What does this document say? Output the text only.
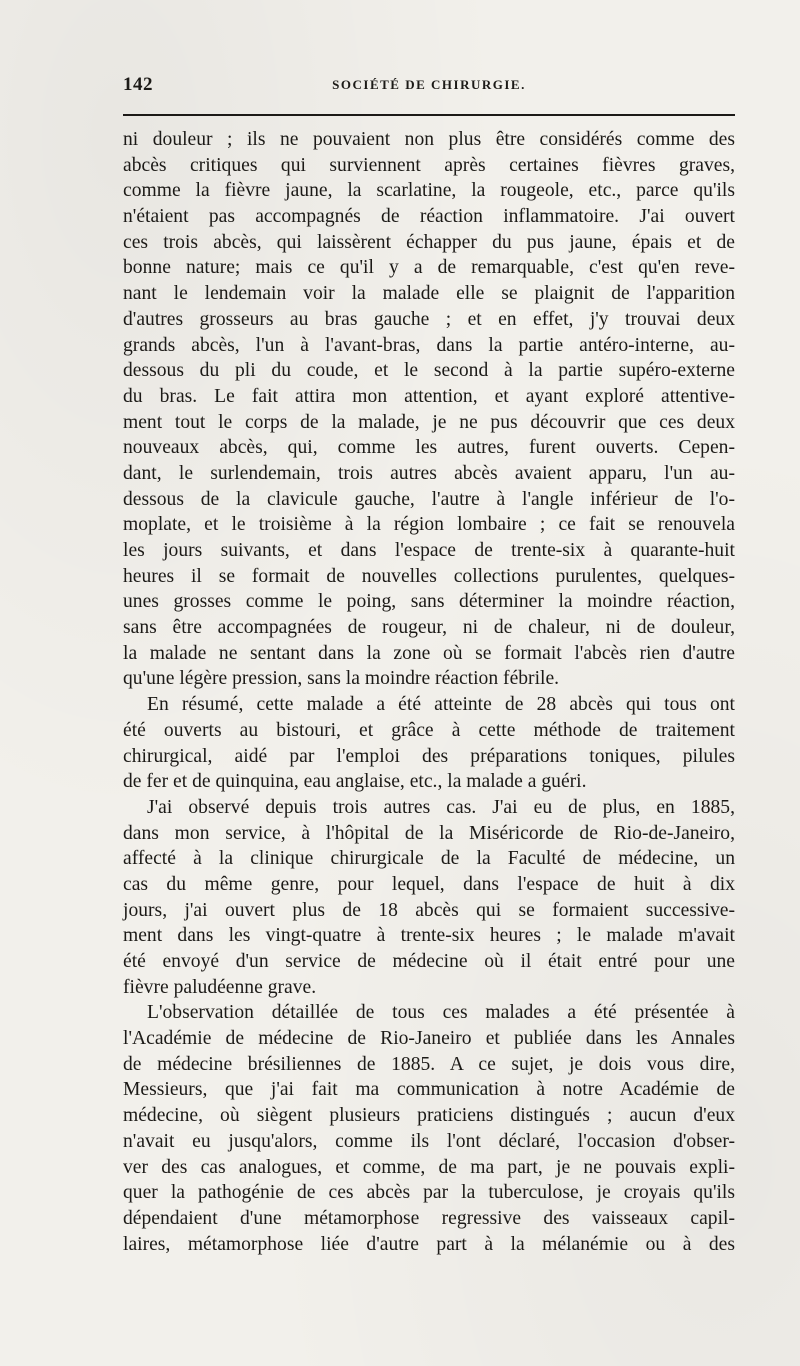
142	SOCIÉTÉ DE CHIRURGIE.
ni douleur ; ils ne pouvaient non plus être considérés comme des
abcès critiques qui surviennent après certaines fièvres graves,
comme la fièvre jaune, la scarlatine, la rougeole, etc., parce qu'ils
n'étaient pas accompagnés de réaction inflammatoire. J'ai ouvert
ces trois abcès, qui laissèrent échapper du pus jaune, épais et de
bonne nature; mais ce qu'il y a de remarquable, c'est qu'en reve-
nant le lendemain voir la malade elle se plaignit de l'apparition
d'autres grosseurs au bras gauche ; et en effet, j'y trouvai deux
grands abcès, l'un à l'avant-bras, dans la partie antéro-interne, au-
dessous du pli du coude, et le second à la partie supéro-externe
du bras. Le fait attira mon attention, et ayant exploré attentive-
ment tout le corps de la malade, je ne pus découvrir que ces deux
nouveaux abcès, qui, comme les autres, furent ouverts. Cepen-
dant, le surlendemain, trois autres abcès avaient apparu, l'un au-
dessous de la clavicule gauche, l'autre à l'angle inférieur de l'o-
moplate, et le troisième à la région lombaire ; ce fait se renouvela
les jours suivants, et dans l'espace de trente-six à quarante-huit
heures il se formait de nouvelles collections purulentes, quelques-
unes grosses comme le poing, sans déterminer la moindre réaction,
sans être accompagnées de rougeur, ni de chaleur, ni de douleur,
la malade ne sentant dans la zone où se formait l'abcès rien d'autre
qu'une légère pression, sans la moindre réaction fébrile.
En résumé, cette malade a été atteinte de 28 abcès qui tous ont
été ouverts au bistouri, et grâce à cette méthode de traitement
chirurgical, aidé par l'emploi des préparations toniques, pilules
de fer et de quinquina, eau anglaise, etc., la malade a guéri.
J'ai observé depuis trois autres cas. J'ai eu de plus, en 1885,
dans mon service, à l'hôpital de la Miséricorde de Rio-de-Janeiro,
affecté à la clinique chirurgicale de la Faculté de médecine, un
cas du même genre, pour lequel, dans l'espace de huit à dix
jours, j'ai ouvert plus de 18 abcès qui se formaient successive-
ment dans les vingt-quatre à trente-six heures ; le malade m'avait
été envoyé d'un service de médecine où il était entré pour une
fièvre paludéenne grave.
L'observation détaillée de tous ces malades a été présentée à
l'Académie de médecine de Rio-Janeiro et publiée dans les Annales
de médecine brésiliennes de 1885. A ce sujet, je dois vous dire,
Messieurs, que j'ai fait ma communication à notre Académie de
médecine, où siègent plusieurs praticiens distingués ; aucun d'eux
n'avait eu jusqu'alors, comme ils l'ont déclaré, l'occasion d'obser-
ver des cas analogues, et comme, de ma part, je ne pouvais expli-
quer la pathogénie de ces abcès par la tuberculose, je croyais qu'ils
dépendaient d'une métamorphose regressive des vaisseaux capil-
laires, métamorphose liée d'autre part à la mélanémie ou à des
